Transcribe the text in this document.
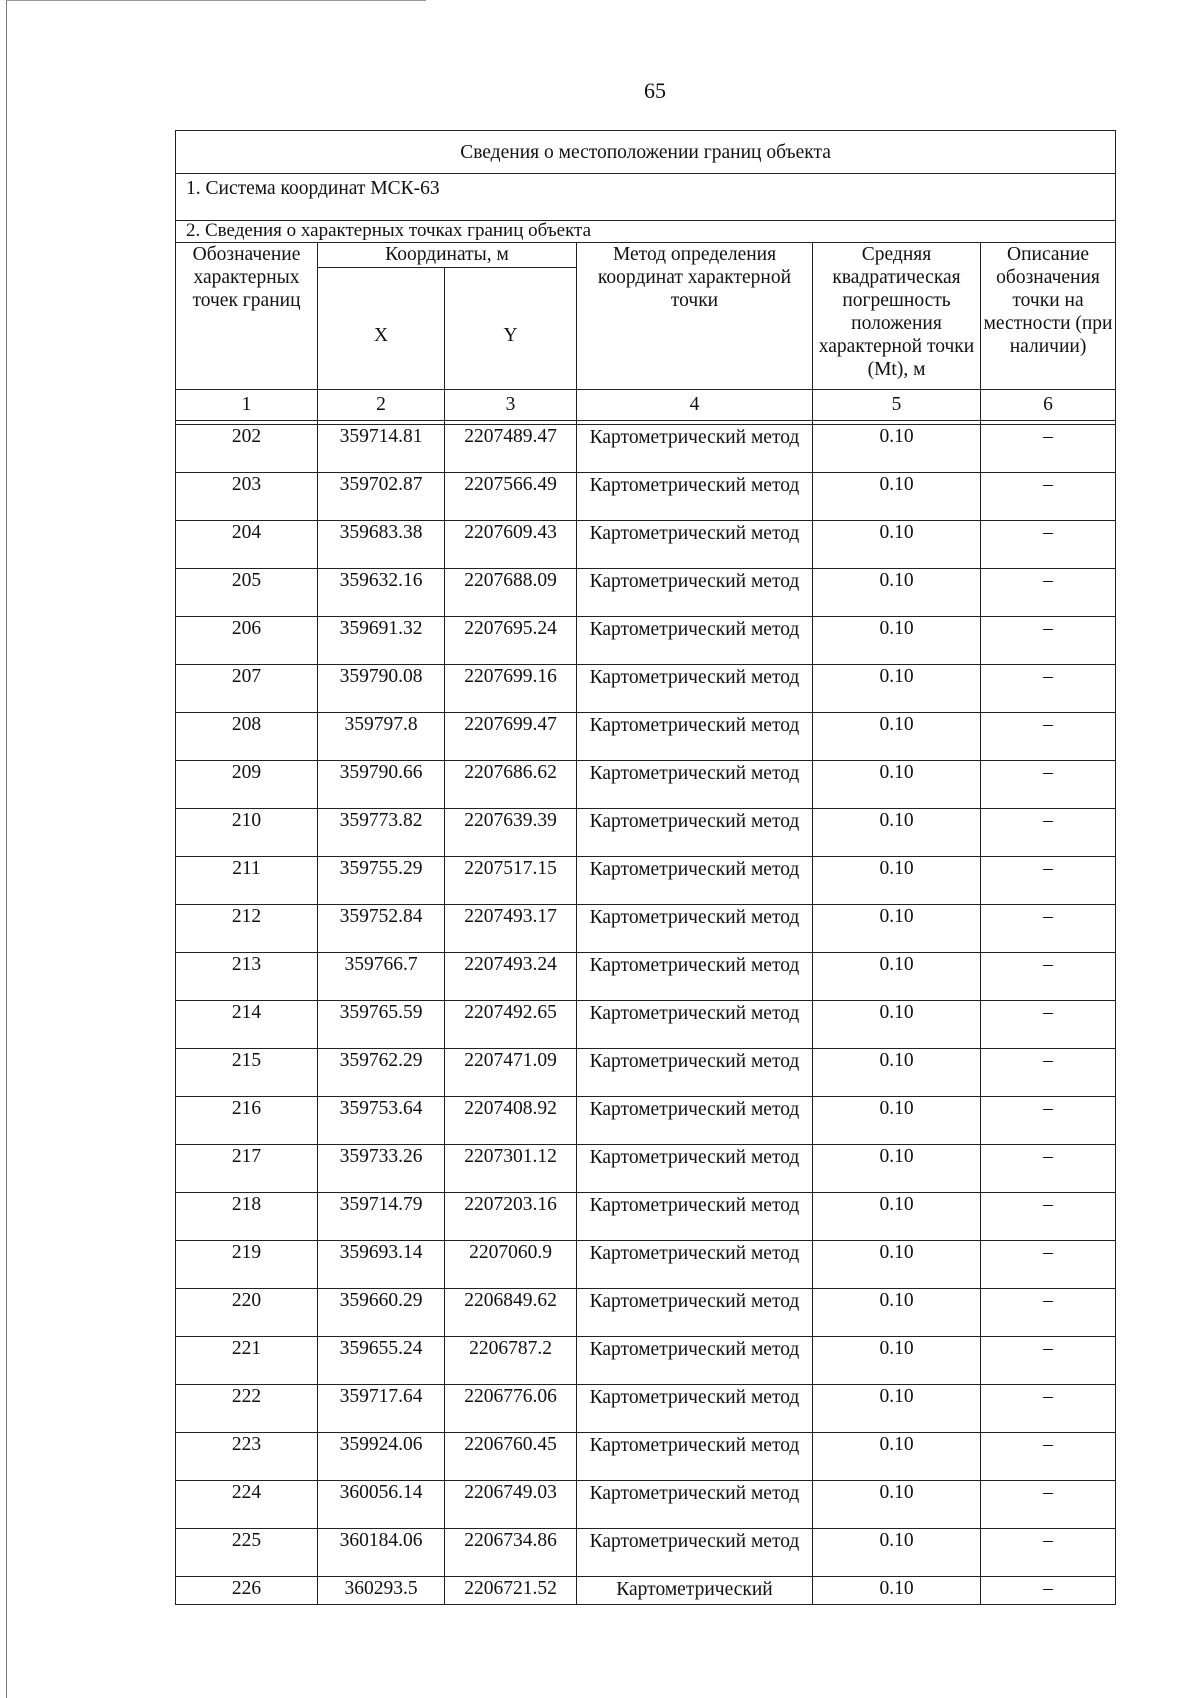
65
Сведения о местоположении границ объекта					
1. Система координат МСК-63					
2. Сведения о характерных точках границ объекта					
Обозначение характерных точек границ	Координаты, м		Метод определения координат характерной точки	Средняя квадратическая погрешность положения характерной точки (Mt), м	Описание обозначения точки на местности (при наличии)
	X	Y			
1	2	3	4	5	6

202	359714.81	2207489.47	Картометрический метод	0.10	–
203	359702.87	2207566.49	Картометрический метод	0.10	–
204	359683.38	2207609.43	Картометрический метод	0.10	–
205	359632.16	2207688.09	Картометрический метод	0.10	–
206	359691.32	2207695.24	Картометрический метод	0.10	–
207	359790.08	2207699.16	Картометрический метод	0.10	–
208	359797.8	2207699.47	Картометрический метод	0.10	–
209	359790.66	2207686.62	Картометрический метод	0.10	–
210	359773.82	2207639.39	Картометрический метод	0.10	–
211	359755.29	2207517.15	Картометрический метод	0.10	–
212	359752.84	2207493.17	Картометрический метод	0.10	–
213	359766.7	2207493.24	Картометрический метод	0.10	–
214	359765.59	2207492.65	Картометрический метод	0.10	–
215	359762.29	2207471.09	Картометрический метод	0.10	–
216	359753.64	2207408.92	Картометрический метод	0.10	–
217	359733.26	2207301.12	Картометрический метод	0.10	–
218	359714.79	2207203.16	Картометрический метод	0.10	–
219	359693.14	2207060.9	Картометрический метод	0.10	–
220	359660.29	2206849.62	Картометрический метод	0.10	–
221	359655.24	2206787.2	Картометрический метод	0.10	–
222	359717.64	2206776.06	Картометрический метод	0.10	–
223	359924.06	2206760.45	Картометрический метод	0.10	–
224	360056.14	2206749.03	Картометрический метод	0.10	–
225	360184.06	2206734.86	Картометрический метод	0.10	–
226	360293.5	2206721.52	Картометрический	0.10	–
